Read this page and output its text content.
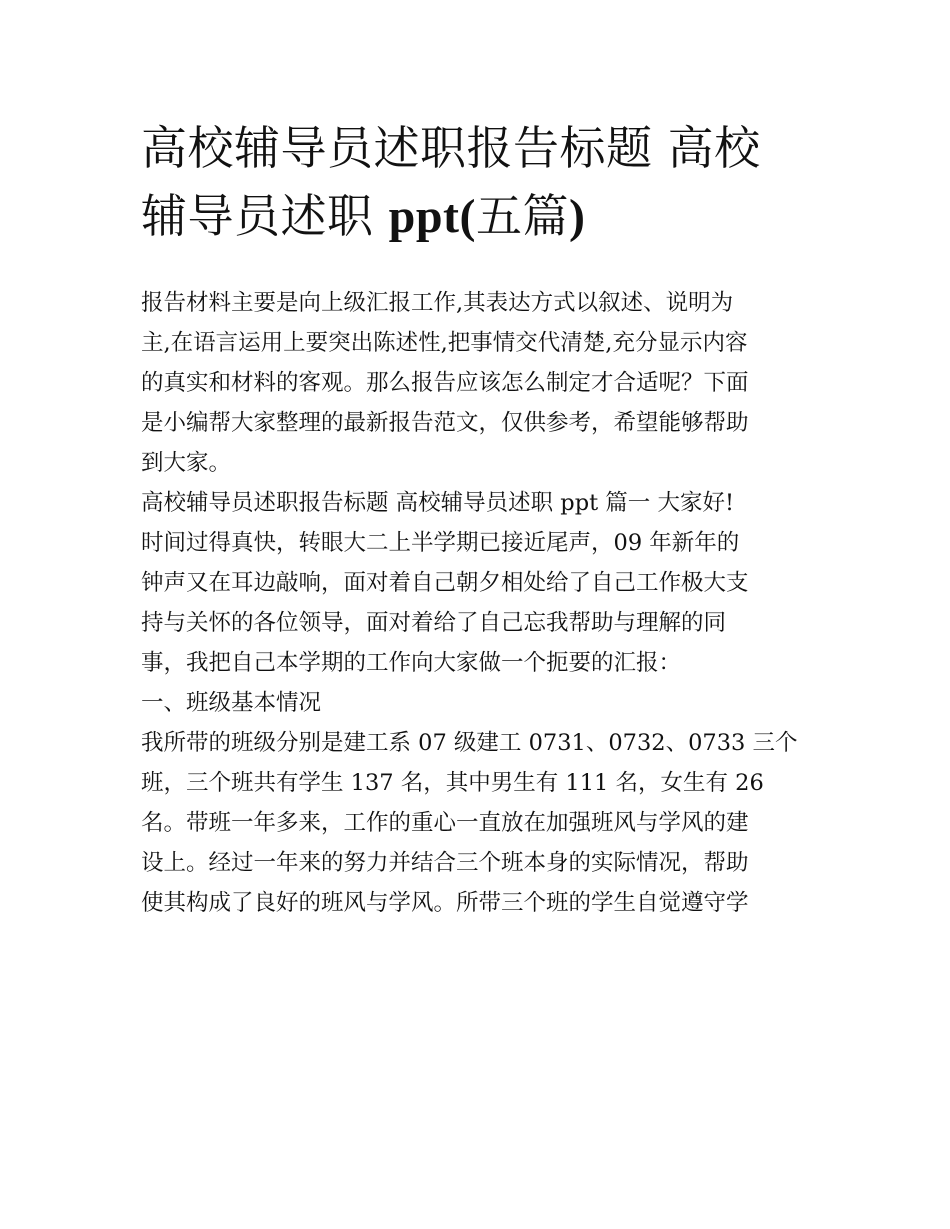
高校辅导员述职报告标题 高校
辅导员述职 ppt(五篇)
报告材料主要是向上级汇报工作,其表达方式以叙述、说明为
主,在语言运用上要突出陈述性,把事情交代清楚,充分显示内容
的真实和材料的客观。那么报告应该怎么制定才合适呢？下面
是小编帮大家整理的最新报告范文，仅供参考，希望能够帮助
到大家。
高校辅导员述职报告标题 高校辅导员述职 ppt 篇一 大家好!
时间过得真快，转眼大二上半学期已接近尾声，09 年新年的
钟声又在耳边敲响，面对着自己朝夕相处给了自己工作极大支
持与关怀的各位领导，面对着给了自己忘我帮助与理解的同
事，我把自己本学期的工作向大家做一个扼要的汇报：
一、班级基本情况
我所带的班级分别是建工系 07 级建工 0731、0732、0733 三个
班，三个班共有学生 137 名，其中男生有 111 名，女生有 26
名。带班一年多来，工作的重心一直放在加强班风与学风的建
设上。经过一年来的努力并结合三个班本身的实际情况，帮助
使其构成了良好的班风与学风。所带三个班的学生自觉遵守学
